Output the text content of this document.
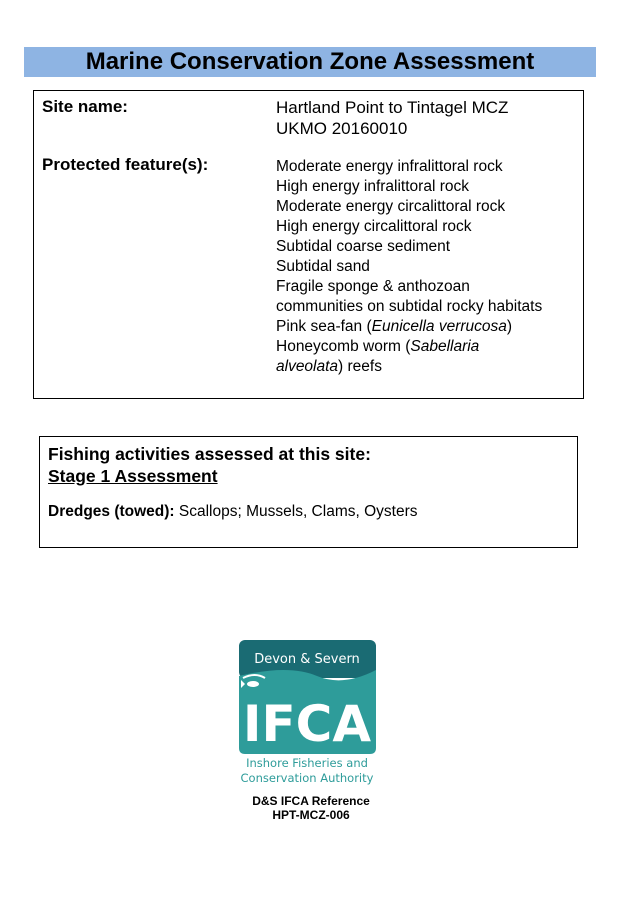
Marine Conservation Zone Assessment
Site name:	Hartland Point to Tintagel MCZ
UKMO 20160010
Protected feature(s):	Moderate energy infralittoral rock
High energy infralittoral rock
Moderate energy circalittoral rock
High energy circalittoral rock
Subtidal coarse sediment
Subtidal sand
Fragile sponge & anthozoan
communities on subtidal rocky habitats
Pink sea-fan (Eunicella verrucosa)
Honeycomb worm (Sabellaria
alveolata) reefs
Fishing activities assessed at this site:
Stage 1 Assessment
Dredges (towed): Scallops; Mussels, Clams, Oysters
Devon & Severn
IFCA
Inshore Fisheries and
Conservation Authority
D&S IFCA Reference
HPT-MCZ-006
